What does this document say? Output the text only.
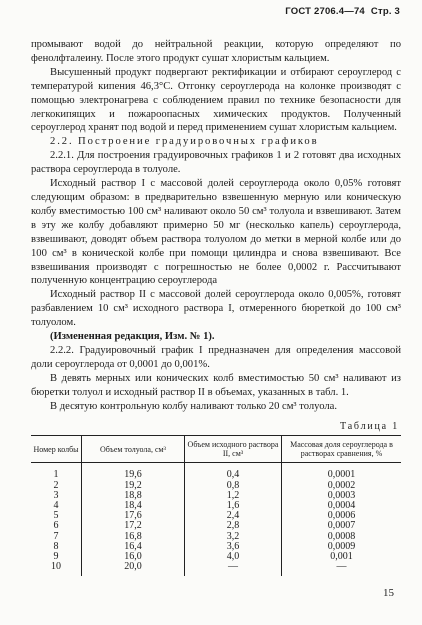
ГОСТ 2706.4—74 Стр. 3

промывают водой до нейтральной реакции, которую определяют по фенолфталеину. После этого продукт сушат хлористым кальцием.

Высушенный продукт подвергают ректификации и отбирают сероуглерод с температурой кипения 46,3°С. Отгонку сероуглерода на колонке производят с помощью электронагрева с соблюдением правил по технике безопасности для легкокипящих и пожароопасных химических продуктов. Полученный сероуглерод хранят под водой и перед применением сушат хлористым кальцием.

2.2. Построение градуировочных графиков

2.2.1. Для построения градуировочных графиков 1 и 2 готовят два исходных раствора сероуглерода в толуоле.

Исходный раствор I с массовой долей сероуглерода около 0,05% готовят следующим образом: в предварительно взвешенную мерную или коническую колбу вместимостью 100 см³ наливают около 50 см³ толуола и взвешивают. Затем в эту же колбу добавляют примерно 50 мг (несколько капель) сероуглерода, взвешивают, доводят объем раствора толуолом до метки в мерной колбе или до 100 см³ в конической колбе при помощи цилиндра и снова взвешивают. Все взвешивания производят с погрешностью не более 0,0002 г. Рассчитывают полученную концентрацию сероуглерода

Исходный раствор II с массовой долей сероуглерода около 0,005%, готовят разбавлением 10 см³ исходного раствора I, отмеренного бюреткой до 100 см³ толуолом.

(Измененная редакция, Изм. № 1).

2.2.2. Градуировочный график I предназначен для определения массовой доли сероуглерода от 0,0001 до 0,001%.

В девять мерных или конических колб вместимостью 50 см³ наливают из бюретки толуол и исходный раствор II в объемах, указанных в табл. 1.

В десятую контрольную колбу наливают только 20 см³ толуола.

Таблица 1
Номер колбы	Объем толуола, см³	Объем исходного раствора II, см³	Массовая доля сероуглерода в растворах сравнения, %
1	19,6	0,4	0,0001
2	19,2	0,8	0,0002
3	18,8	1,2	0,0003
4	18,4	1,6	0,0004
5	17,6	2,4	0,0006
6	17,2	2,8	0,0007
7	16,8	3,2	0,0008
8	16,4	3,6	0,0009
9	16,0	4,0	0,001
10	20,0	—	—
15
